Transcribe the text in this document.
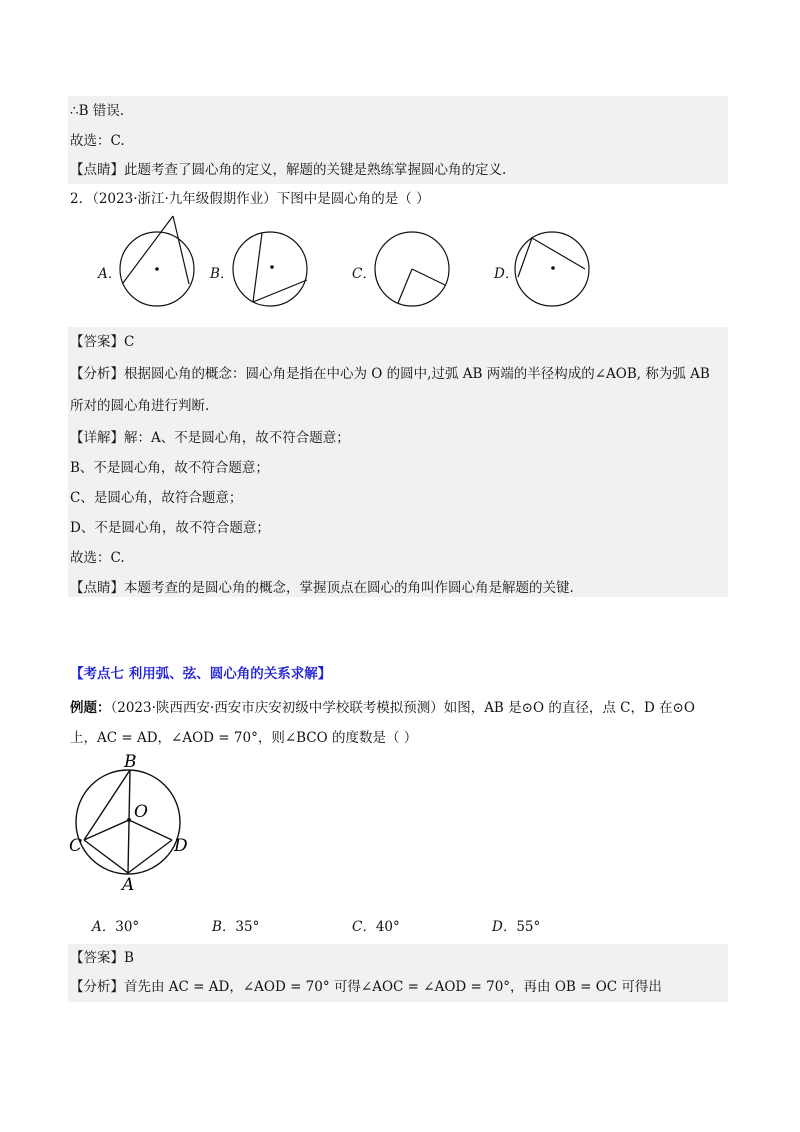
∴B 错误.
故选：C.
【点睛】此题考查了圆心角的定义，解题的关键是熟练掌握圆心角的定义.
2．（2023·浙江·九年级假期作业）下图中是圆心角的是（ ）
A．	B．	C．	D．
【答案】C
【分析】根据圆心角的概念：圆心角是指在中心为 O 的圆中,过弧 AB 两端的半径构成的∠AOB, 称为弧 AB
所对的圆心角进行判断.
【详解】解：A、不是圆心角，故不符合题意；
B、不是圆心角，故不符合题意；
C、是圆心角，故符合题意；
D、不是圆心角，故不符合题意；
故选：C.
【点睛】本题考查的是圆心角的概念，掌握顶点在圆心的角叫作圆心角是解题的关键.
【考点七 利用弧、弦、圆心角的关系求解】
例题：（2023·陕西西安·西安市庆安初级中学校联考模拟预测）如图，AB 是⊙O 的直径，点 C，D 在⊙O
上，AC = AD，∠AOD = 70°，则∠BCO 的度数是（ ）
B
O
C	D
A
A．30°	B．35°	C．40°	D．55°
【答案】B
【分析】首先由 AC = AD，∠AOD = 70° 可得∠AOC = ∠AOD = 70°，再由 OB = OC 可得出
